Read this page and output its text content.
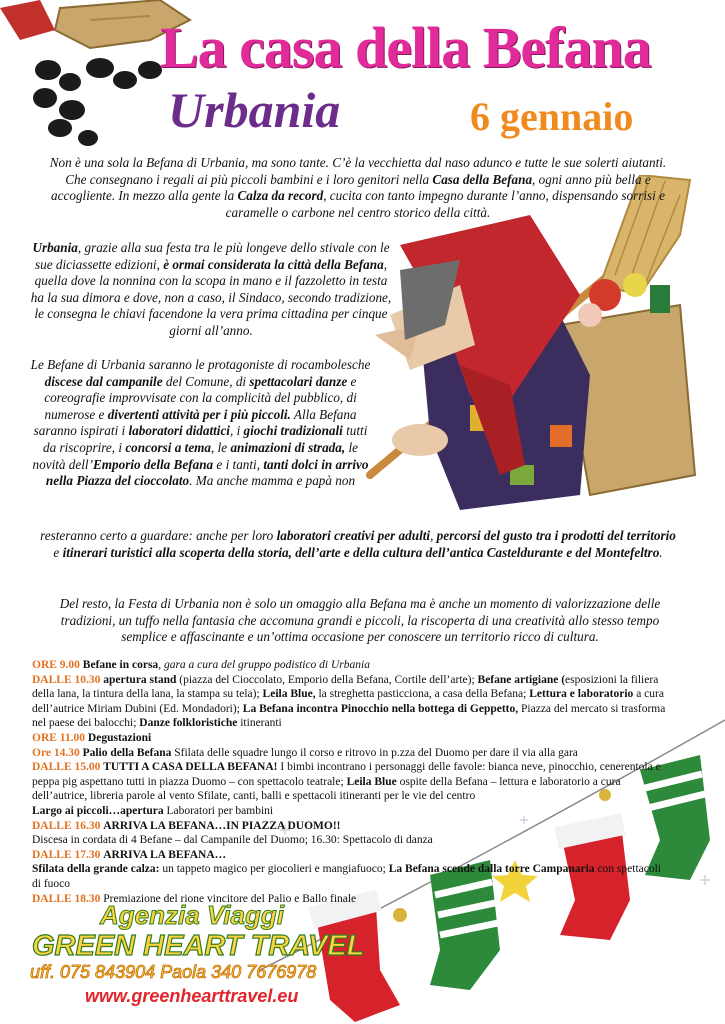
La casa della Befana
Urbania	6 gennaio

Non è una sola la Befana di Urbania, ma sono tante. C’è la vecchietta dal naso adunco e tutte le sue solerti aiutanti. Che consegnano i regali ai più piccoli bambini e i loro genitori nella Casa della Befana, ogni anno più bella e accogliente. In mezzo alla gente la Calza da record, cucita con tanto impegno durante l’anno, dispensando sorrisi e caramelle o carbone nel centro storico della città.

Urbania, grazie alla sua festa tra le più longeve dello stivale con le sue diciassette edizioni, è ormai considerata la città della Befana, quella dove la nonnina con la scopa in mano e il fazzoletto in testa ha la sua dimora e dove, non a caso, il Sindaco, secondo tradizione, le consegna le chiavi facendone la vera prima cittadina per cinque giorni all’anno.

Le Befane di Urbania saranno le protagoniste di rocambolesche discese dal campanile del Comune, di spettacolari danze e coreografie improvvisate con la complicità del pubblico, di numerose e divertenti attività per i più piccoli. Alla Befana saranno ispirati i laboratori didattici, i giochi tradizionali tutti da riscoprire, i concorsi a tema, le animazioni di strada, le novità dell’Emporio della Befana e i tanti, tanti dolci in arrivo nella Piazza del cioccolato. Ma anche mamma e papà non

resteranno certo a guardare: anche per loro laboratori creativi per adulti, percorsi del gusto tra i prodotti del territorio e itinerari turistici alla scoperta della storia, dell’arte e della cultura dell’antica Casteldurante e del Montefeltro.

Del resto, la Festa di Urbania non è solo un omaggio alla Befana ma è anche un momento di valorizzazione delle tradizioni, un tuffo nella fantasia che accomuna grandi e piccoli, la riscoperta di una creatività allo stesso tempo semplice e affascinante e un’ottima occasione per conoscere un territorio ricco di cultura.

ORE 9.00 Befane in corsa, gara a cura del gruppo podistico di Urbania

DALLE 10.30 apertura stand (piazza del Cioccolato, Emporio della Befana, Cortile dell’arte); Befane artigiane (esposizioni la filiera della lana, la tintura della lana, la stampa su tela); Leila Blue, la streghetta pasticciona, a casa della Befana; Lettura e laboratorio a cura dell’autrice Miriam Dubini (Ed. Mondadori); La Befana incontra Pinocchio nella bottega di Geppetto, Piazza del mercato si trasforma nel paese dei balocchi; Danze folkloristiche itineranti

ORE 11.00 Degustazioni

Ore 14.30 Palio della Befana Sfilata delle squadre lungo il corso e ritrovo in p.zza del Duomo per dare il via alla gara

DALLE 15.00 TUTTI A CASA DELLA BEFANA! I bimbi incontrano i personaggi delle favole: bianca neve, pinocchio, cenerentola e peppa pig aspettano tutti in piazza Duomo – con spettacolo teatrale; Leila Blue ospite della Befana – lettura e laboratorio a cura dell’autrice, libreria parole al vento Sfilate, canti, balli e spettacoli itineranti per le vie del centro

Largo ai piccoli…apertura Laboratori per bambini

DALLE 16.30 ARRIVA LA BEFANA…IN PIAZZA DUOMO!!

Discesa in cordata di 4 Befane – dal Campanile del Duomo; 16.30: Spettacolo di danza

DALLE 17.30 ARRIVA LA BEFANA…

Sfilata della grande calza: un tappeto magico per giocolieri e mangiafuoco; La Befana scende dalla torre Campanaria con spettacoli di fuoco

DALLE 18.30 Premiazione del rione vincitore del Palio e Ballo finale

Agenzia Viaggi
GREEN HEART TRAVEL
uff. 075 843904 Paola 340 7676978
www.greenhearttravel.eu
